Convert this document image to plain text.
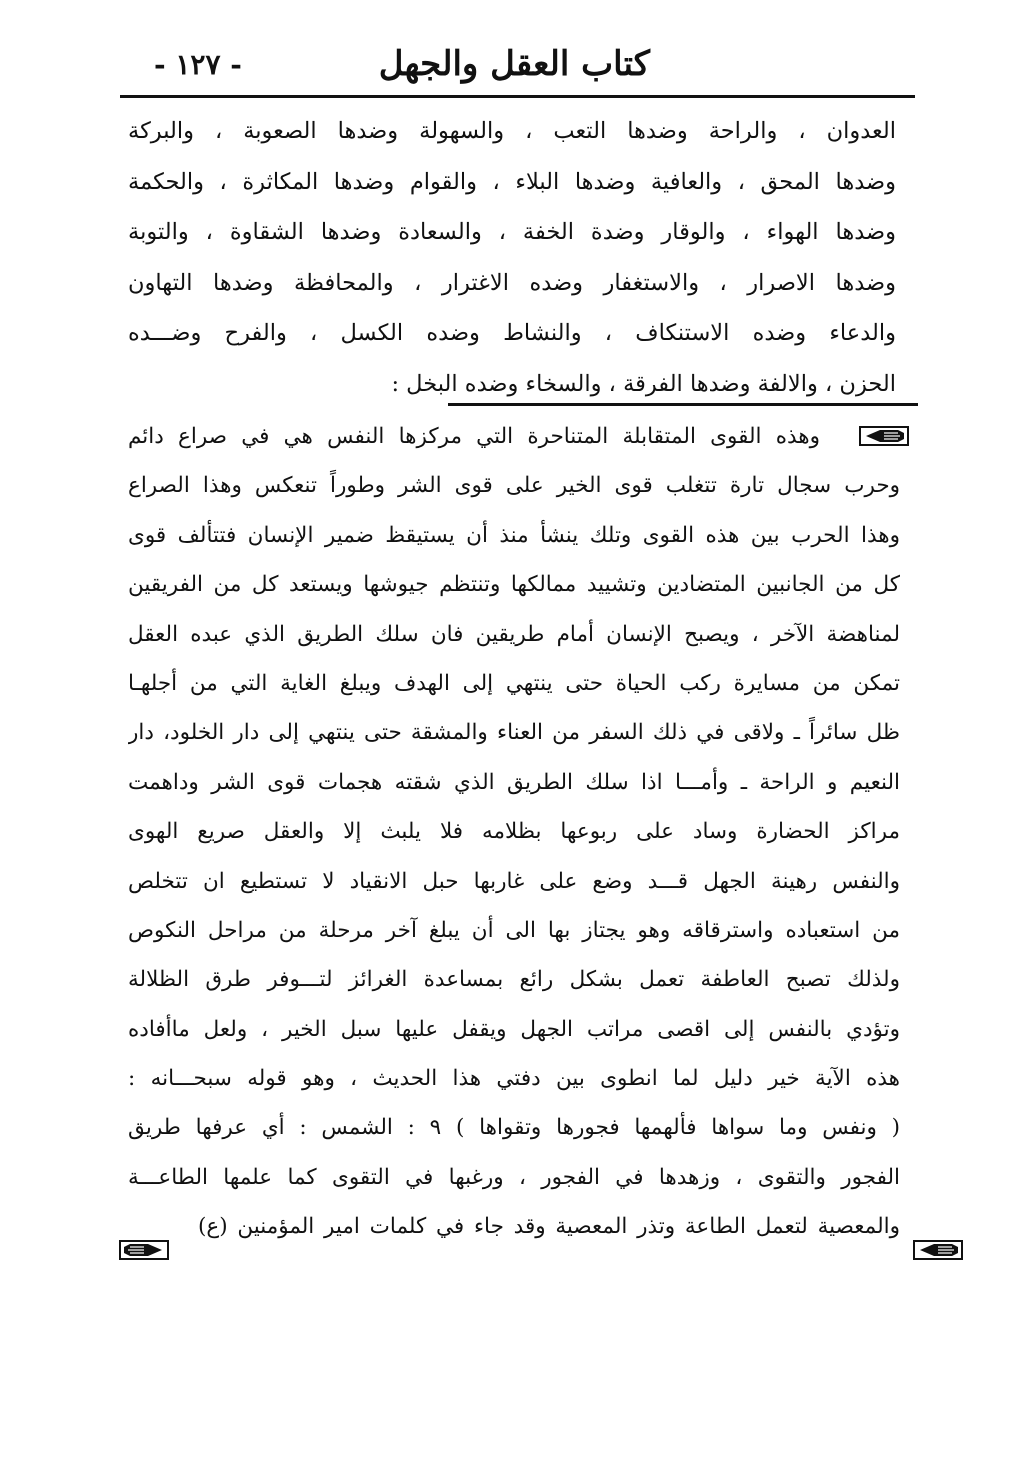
كتاب العقل والجهل
- ١٢٧ -
العدوان ، والراحة وضدها التعب ، والسهولة وضدها الصعوبة ، والبركة
وضدها المحق ، والعافية وضدها البلاء ، والقوام وضدها المكاثرة ، والحكمة
وضدها الهواء ، والوقار وضدة الخفة ، والسعادة وضدها الشقاوة ، والتوبة
وضدها الاصرار ، والاستغفار وضده الاغترار ، والمحافظة وضدها التهاون
والدعاء وضده الاستنكاف ، والنشاط وضده الكسل ، والفرح وضـــده
الحزن ، والالفة وضدها الفرقة ، والسخاء وضده البخل :
وهذه القوى المتقابلة المتناحرة التي مركزها النفس هي في صراع دائم
وحرب سجال تارة تتغلب قوى الخير على قوى الشر وطوراً تنعكس وهذا الصراع
وهذا الحرب بين هذه القوى وتلك ينشأ منذ أن يستيقظ ضمير الإنسان فتتألف قوى
كل من الجانبين المتضادين وتشييد ممالكها وتنتظم جيوشها ويستعد كل من الفريقين
لمناهضة الآخر ، ويصبح الإنسان أمام طريقين فان سلك الطريق الذي عبده العقل
تمكن من مسايرة ركب الحياة حتى ينتهي إلى الهدف ويبلغ الغاية التي من أجلهـا
ظل سائراً ـ ولاقى في ذلك السفر من العناء والمشقة حتى ينتهي إلى دار الخلود، دار
النعيم و الراحة ـ وأمـــا اذا سلك الطريق الذي شقته هجمات قوى الشر وداهمت
مراكز الحضارة وساد على ربوعها بظلامه فلا يلبث إلا والعقل صريع الهوى
والنفس رهينة الجهل قـــد وضع على غاربها حبل الانقياد لا تستطيع ان تتخلص
من استعباده واسترقاقه وهو يجتاز بها الى أن يبلغ آخر مرحلة من مراحل النكوص
ولذلك تصبح العاطفة تعمل بشكل رائع بمساعدة الغرائز لتـــوفر طرق الظلالة
وتؤدي بالنفس إلى اقصى مراتب الجهل ويقفل عليها سبل الخير ، ولعل ماأفاده
هذه الآية خير دليل لما انطوى بين دفتي هذا الحديث ، وهو قوله سبحـــانه :
( ونفس وما سواها فألهمها فجورها وتقواها ) ٩ : الشمس : أي عرفها طريق
الفجور والتقوى ، وزهدها في الفجور ، ورغبها في التقوى كما علمها الطاعـــة
والمعصية لتعمل الطاعة وتذر المعصية وقد جاء في كلمات امير المؤمنين (ع)
